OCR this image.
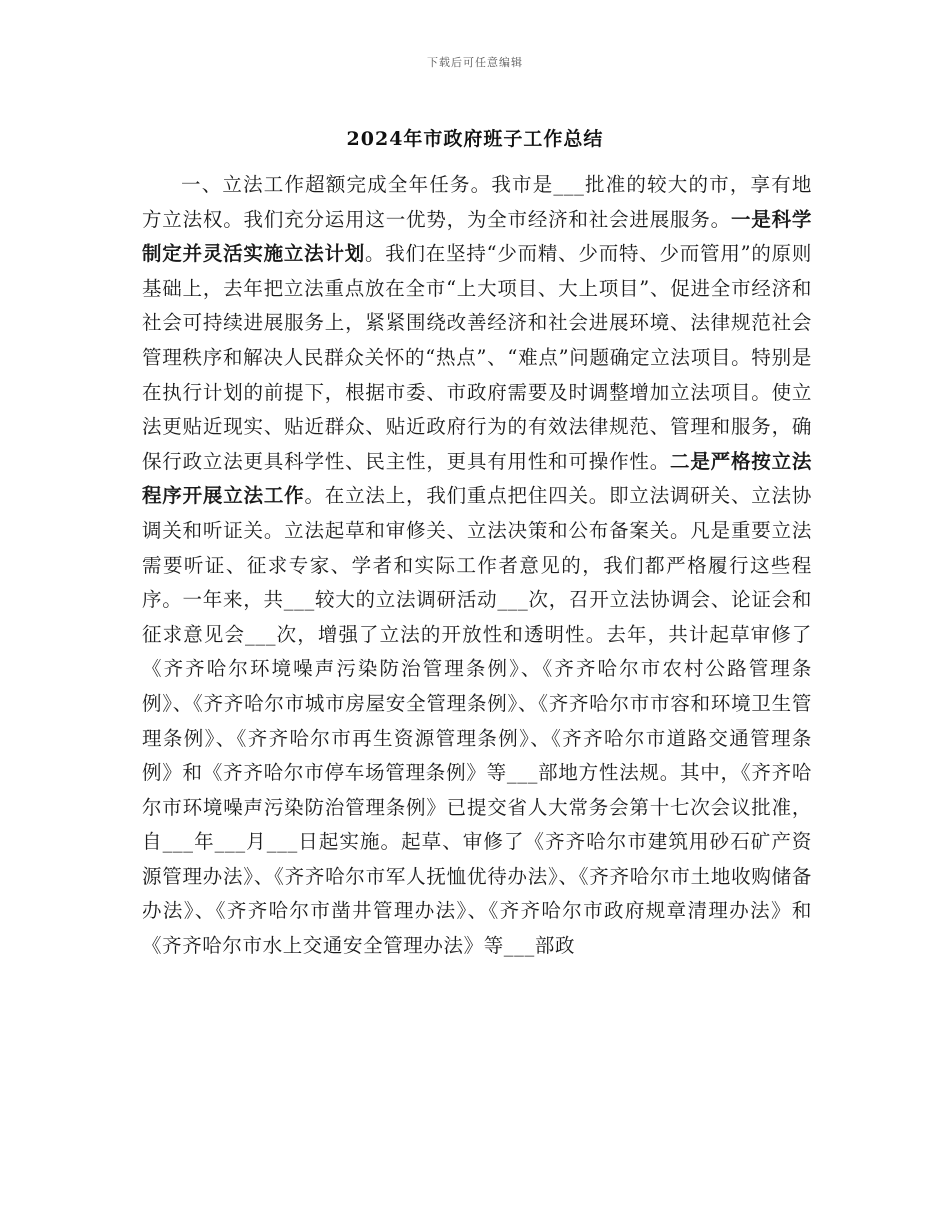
下载后可任意编辑
2024年市政府班子工作总结

一、立法工作超额完成全年任务。我市是___批准的较大的市，享有地方立法权。我们充分运用这一优势，为全市经济和社会进展服务。一是科学制定并灵活实施立法计划。我们在坚持“少而精、少而特、少而管用”的原则基础上，去年把立法重点放在全市“上大项目、大上项目”、促进全市经济和社会可持续进展服务上，紧紧围绕改善经济和社会进展环境、法律规范社会管理秩序和解决人民群众关怀的“热点”、“难点”问题确定立法项目。特别是在执行计划的前提下，根据市委、市政府需要及时调整增加立法项目。使立法更贴近现实、贴近群众、贴近政府行为的有效法律规范、管理和服务，确保行政立法更具科学性、民主性，更具有用性和可操作性。二是严格按立法程序开展立法工作。在立法上，我们重点把住四关。即立法调研关、立法协调关和听证关。立法起草和审修关、立法决策和公布备案关。凡是重要立法需要听证、征求专家、学者和实际工作者意见的，我们都严格履行这些程序。一年来，共___较大的立法调研活动___次，召开立法协调会、论证会和征求意见会___次，增强了立法的开放性和透明性。去年，共计起草审修了《齐齐哈尔环境噪声污染防治管理条例》、《齐齐哈尔市农村公路管理条例》、《齐齐哈尔市城市房屋安全管理条例》、《齐齐哈尔市市容和环境卫生管理条例》、《齐齐哈尔市再生资源管理条例》、《齐齐哈尔市道路交通管理条例》和《齐齐哈尔市停车场管理条例》等___部地方性法规。其中，《齐齐哈尔市环境噪声污染防治管理条例》已提交省人大常务会第十七次会议批准，自___年___月___日起实施。起草、审修了《齐齐哈尔市建筑用砂石矿产资源管理办法》、《齐齐哈尔市军人抚恤优待办法》、《齐齐哈尔市土地收购储备办法》、《齐齐哈尔市凿井管理办法》、《齐齐哈尔市政府规章清理办法》和《齐齐哈尔市水上交通安全管理办法》等___部政
